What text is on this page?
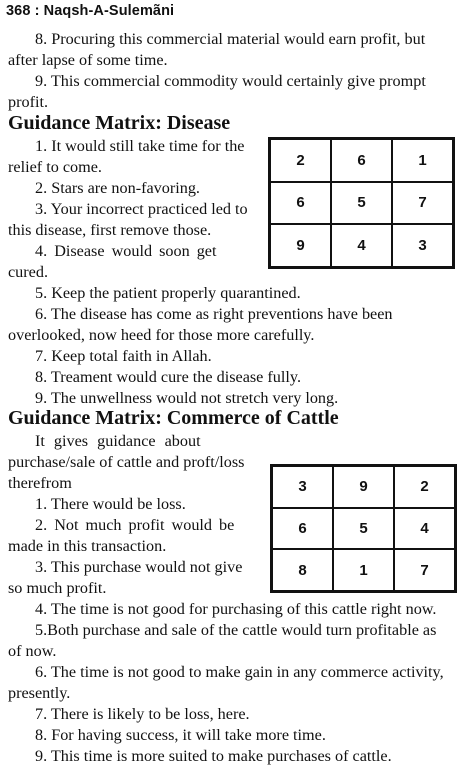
368 : Naqsh-A-Sulemãni
8. Procuring this commercial material would earn profit, but
after lapse of some time.
9. This commercial commodity would certainly give prompt
profit.
Guidance Matrix: Disease
1. It would still take time for the
relief to come.
2. Stars are non-favoring.
3. Your incorrect practiced led to
this disease, first remove those.
4. Disease would soon get
cured.
5. Keep the patient properly quarantined.
6. The disease has come as right preventions have been
overlooked, now heed for those more carefully.
7. Keep total faith in Allah.
8. Treament would cure the disease fully.
9. The unwellness would not stretch very long.
2	6	1
6	5	7
9	4	3
Guidance Matrix: Commerce of Cattle
It gives guidance about
purchase/sale of cattle and proft/loss
therefrom
1. There would be loss.
2. Not much profit would be
made in this transaction.
3. This purchase would not give
so much profit.
4. The time is not good for purchasing of this cattle right now.
5.Both purchase and sale of the cattle would turn profitable as
of now.
6. The time is not good to make gain in any commerce activity,
presently.
7. There is likely to be loss, here.
8. For having success, it will take more time.
9. This time is more suited to make purchases of cattle.
3	9	2
6	5	4
8	1	7
